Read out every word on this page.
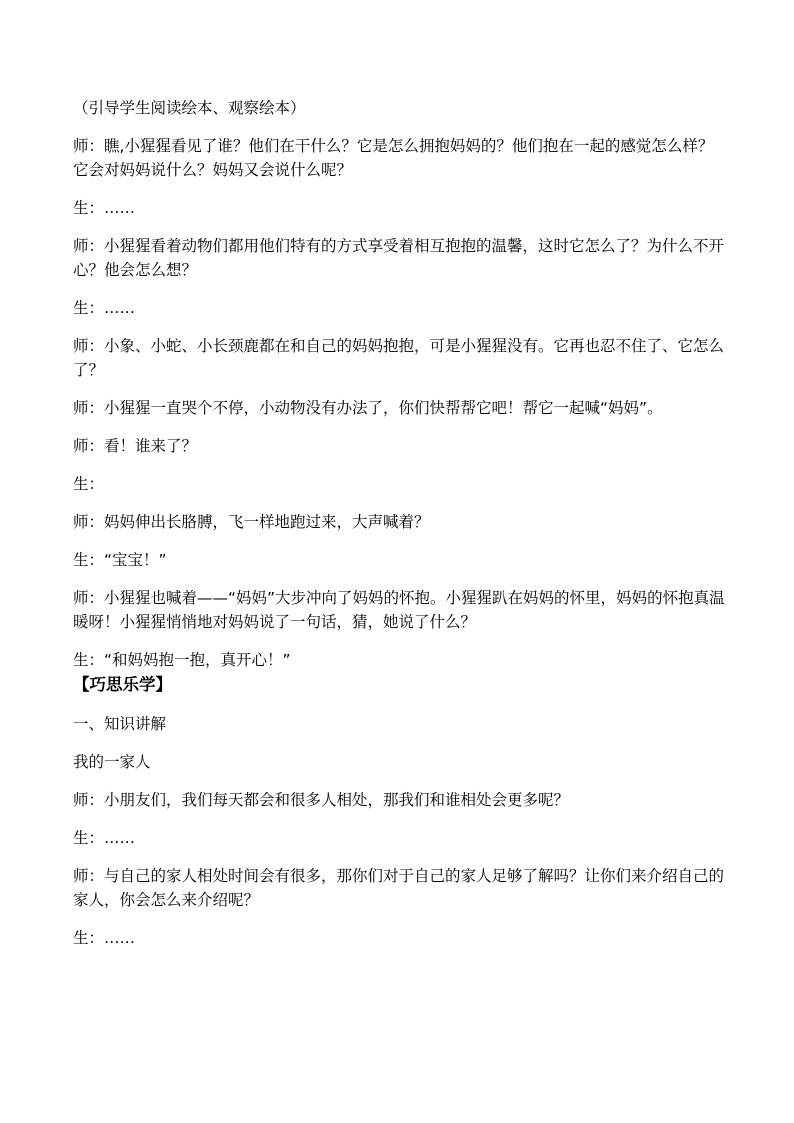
（引导学生阅读绘本、观察绘本）

师：瞧,小猩猩看见了谁？他们在干什么？它是怎么拥抱妈妈的？他们抱在一起的感觉怎么样？它会对妈妈说什么？妈妈又会说什么呢？

生：……

师：小猩猩看着动物们都用他们特有的方式享受着相互抱抱的温馨，这时它怎么了？为什么不开心？他会怎么想？

生：……

师：小象、小蛇、小长颈鹿都在和自己的妈妈抱抱，可是小猩猩没有。它再也忍不住了、它怎么了？

师：小猩猩一直哭个不停，小动物没有办法了，你们快帮帮它吧！帮它一起喊“妈妈”。

师：看！谁来了？

生：

师：妈妈伸出长胳膊，飞一样地跑过来，大声喊着？

生：“宝宝！”

师：小猩猩也喊着——“妈妈”大步冲向了妈妈的怀抱。小猩猩趴在妈妈的怀里，妈妈的怀抱真温暖呀！小猩猩悄悄地对妈妈说了一句话，猜，她说了什么？

生：“和妈妈抱一抱，真开心！”

【巧思乐学】

一、知识讲解

我的一家人

师：小朋友们，我们每天都会和很多人相处，那我们和谁相处会更多呢？

生：……

师：与自己的家人相处时间会有很多，那你们对于自己的家人足够了解吗？让你们来介绍自己的家人，你会怎么来介绍呢？

生：……
